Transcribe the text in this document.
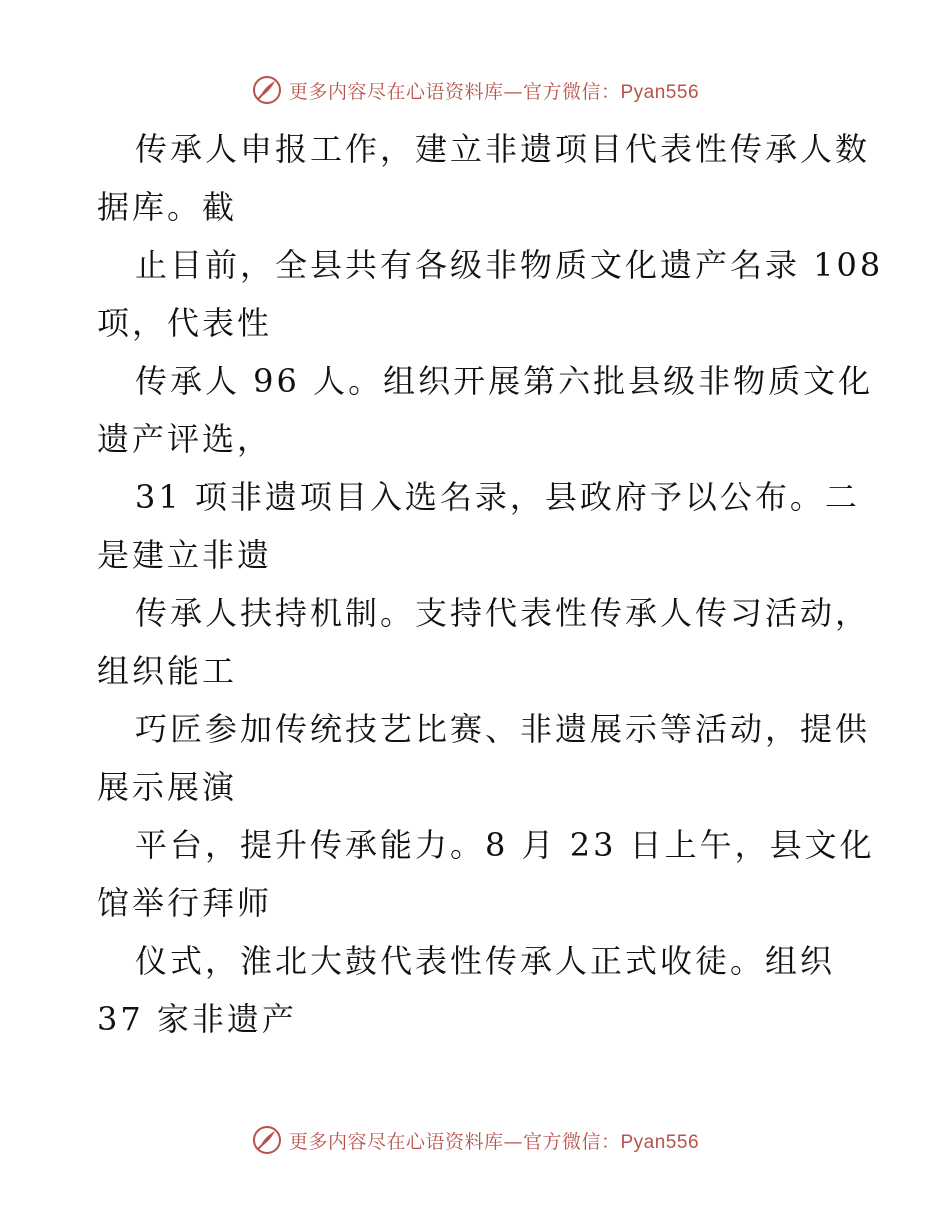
更多内容尽在心语资料库—官方微信：Pyan556
传承人申报工作，建立非遗项目代表性传承人数
据库。截
止目前，全县共有各级非物质文化遗产名录 108
项，代表性
传承人 96 人。组织开展第六批县级非物质文化
遗产评选，
31 项非遗项目入选名录，县政府予以公布。二
是建立非遗
传承人扶持机制。支持代表性传承人传习活动，
组织能工
巧匠参加传统技艺比赛、非遗展示等活动，提供
展示展演
平台，提升传承能力。8 月 23 日上午，县文化
馆举行拜师
仪式，淮北大鼓代表性传承人正式收徒。组织
37 家非遗产
更多内容尽在心语资料库—官方微信：Pyan556
